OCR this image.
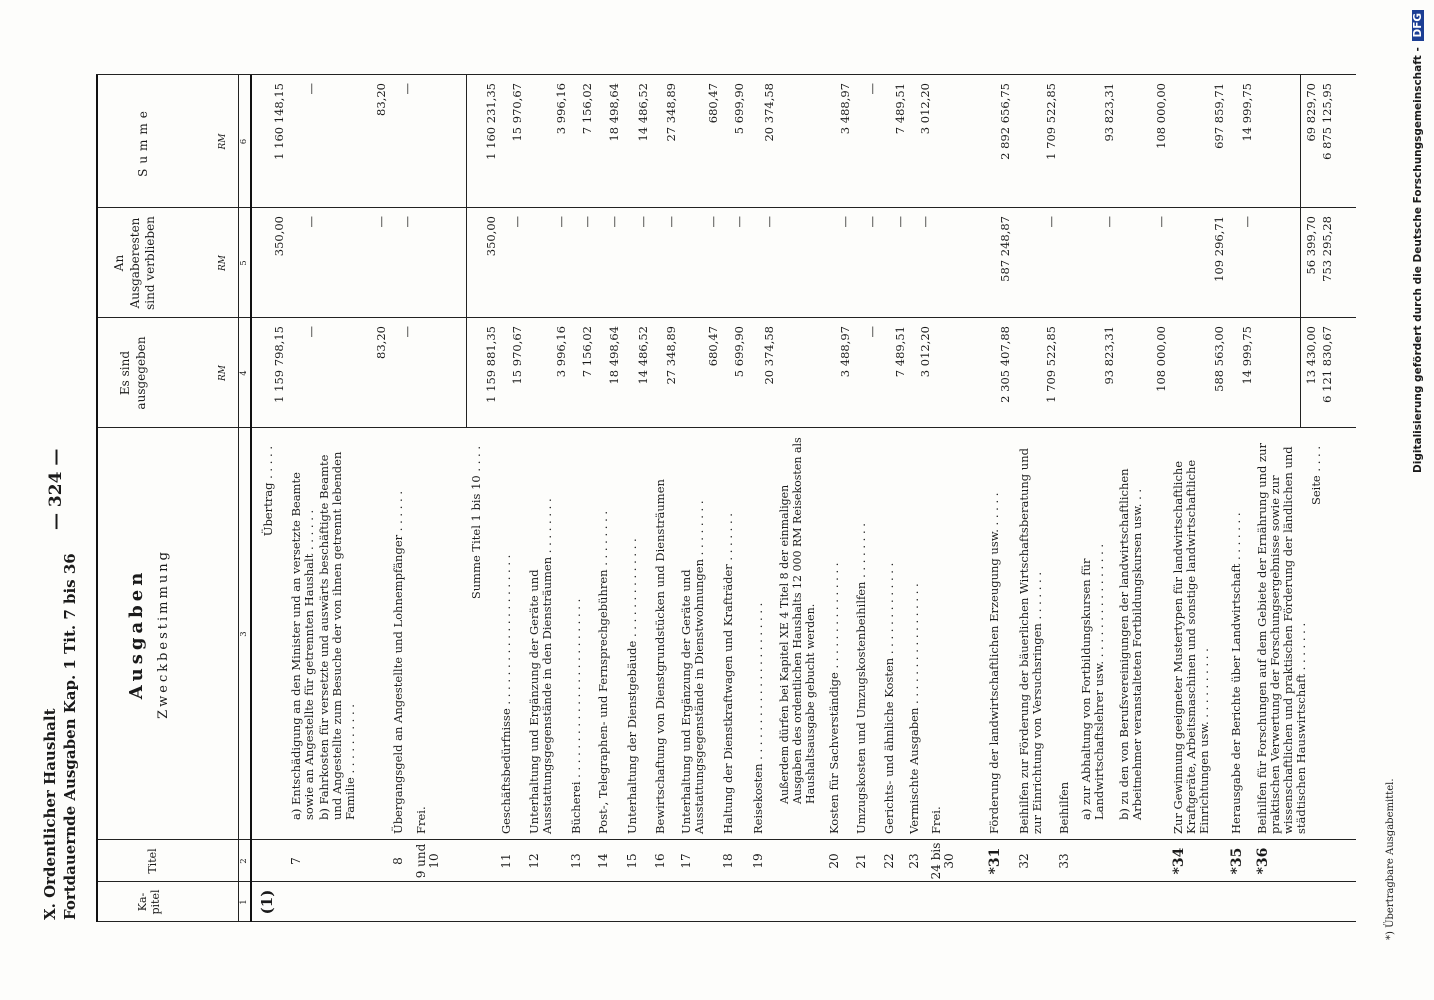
X. Ordentlicher Haushalt Fortdauernde Ausgaben Kap. 1 Tit. 7 bis 36
— 324 —
*) Übertragbare Ausgabemittel.
Digitalisierung gefördert durch die Deutsche Forschungsgemeinschaft - DFG
Ka- pitel
Titel
Ausgaben Zweckbestimmung
Es sind ausgegeben
An Ausgaberesten sind verblieben
Summe
RM
RM
RM
1
2
3
4
5
6
(1)
Übertrag . . . . .
1 159 798,15
350,00
1 160 148,15
7
a) Entschädigung an den Minister und an versetzte Beamte sowie an Angestellte für getrennten Haushalt . . . . . .
—
—
—
b) Fahrkosten für versetzte und auswärts beschäftigte Beamte und Angestellte zum Besuche der von ihnen getrennt lebenden Familie . . . . . . . . . .
83,20
—
83,20
8
Übergangsgeld an Angestellte und Lohnempfänger . . . . . .
—
—
—
9 und 10
Frei.
Summe Titel 1 bis 10 . . . .
1 159 881,35
350,00
1 160 231,35
11
Geschäftsbedürfnisse . . . . . . . . . . . . . . . . . . . . .
15 970,67
—
15 970,67
12
Unterhaltung und Ergänzung der Geräte und Ausstattungsgegenstände in den Diensträumen . . . . . . . .
3 996,16
—
3 996,16
13
Bücherei . . . . . . . . . . . . . . . . . . . . . . . . .
7 156,02
—
7 156,02
14
Post-, Telegraphen- und Fernsprechgebühren . . . . . . . .
18 498,64
—
18 498,64
15
Unterhaltung der Dienstgebäude . . . . . . . . . . . . . .
14 486,52
—
14 486,52
16
Bewirtschaftung von Dienstgrundstücken und Diensträumen
27 348,89
—
27 348,89
17
Unterhaltung und Ergänzung der Geräte und Ausstattungsgegenstände in Dienstwohnungen . . . . . . . .
680,47
—
680,47
18
Haltung der Dienstkraftwagen und Krafträder . . . . . . .
5 699,90
—
5 699,90
19
Reisekosten . . . . . . . . . . . . . . . . . . . . . .
20 374,58
—
20 374,58
Außerdem dürfen bei Kapitel XE 4 Titel 8 der einmaligen Ausgaben des ordentlichen Haushalts 12 000 RM Reisekosten als Haushaltsausgabe gebucht werden.
20
Kosten für Sachverständige . . . . . . . . . . . . . . .
3 488,97
—
3 488,97
21
Umzugskosten und Umzugskostenbeihilfen . . . . . . . .
—
—
—
22
Gerichts- und ähnliche Kosten . . . . . . . . . . . . .
7 489,51
—
7 489,51
23
Vermischte Ausgaben . . . . . . . . . . . . . . . . .
3 012,20
—
3 012,20
24 bis 30
Frei.
*31
Förderung der landwirtschaftlichen Erzeugung usw. . . . . .
2 305 407,88
587 248,87
2 892 656,75
32
Beihilfen zur Förderung der bäuerlichen Wirtschaftsberatung und zur Einrichtung von Versuchsringen . . . . . . .
1 709 522,85
—
1 709 522,85
33
Beihilfen a) zur Abhaltung von Fortbildungskursen für Landwirtschaftslehrer usw. . . . . . . . . . . . . . . . .
93 823,31
—
93 823,31
b) zu den von Berufsvereinigungen der landwirtschaftlichen Arbeitnehmer veranstalteten Fortbildungskursen usw. . .
108 000,00
—
108 000,00
*34
Zur Gewinnung geeigneter Mustertypen für landwirtschaftliche Kraftgeräte, Arbeitsmaschinen und sonstige landwirtschaftliche Einrichtungen usw. . . . . . . . . . .
588 563,00
109 296,71
697 859,71
*35
Herausgabe der Berichte über Landwirtschaft . . . . . . .
14 999,75
—
14 999,75
*36
Beihilfen für Forschungen auf dem Gebiete der Ernährung und zur praktischen Verwertung der Forschungsergebnisse sowie zur wissenschaftlichen und praktischen Förderung der ländlichen und städtischen Hauswirtschaft . . . . . . .
13 430,00
56 399,70
69 829,70
Seite . . . .
6 121 830,67
753 295,28
6 875 125,95
